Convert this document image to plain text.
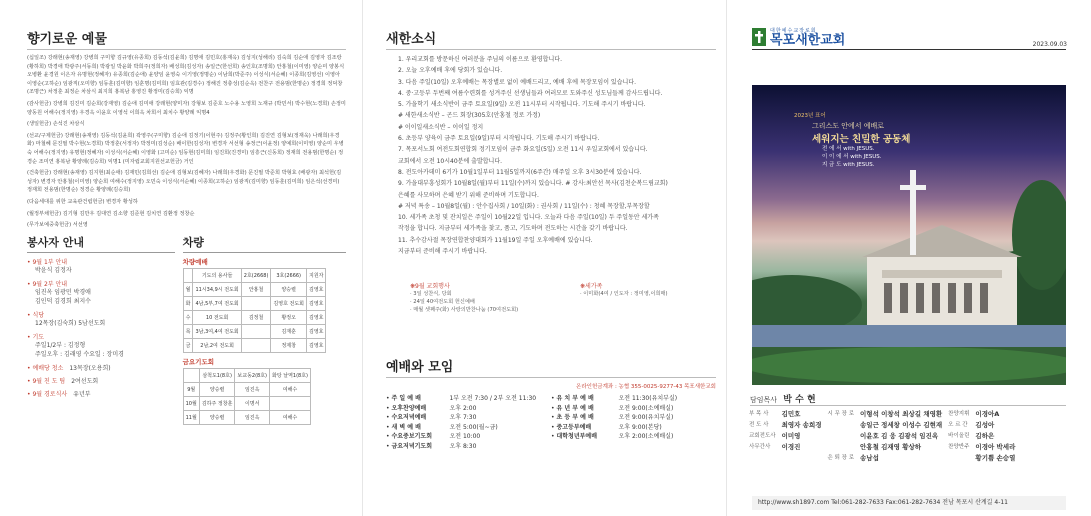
향기로운 예물

(십일조) 강래현(송재영) 강병희 구미향 김규영(유종희) 김동석(김윤희) 김명애 김민호(홍재옥) 김성지(성해리) 김숙희 김순애 김영자 김조랑(황하희) 박경애 박광주(서동희) 박광일 박윤화 박희주(정희자) 배성희(김성자) 송일근(한선희) 송인호(조명희) 안홍철(이미영) 양순미 양봉식 오병환 윤경원 이은자 유명현(정혜자) 유종희(김순애) 윤양임 윤영숙 이기영(정명순) 이남희(박준주) 이성식(서순혜) 이종희(김영선) 이영아 이영순(고하순) 임광직(오미향) 임동훈(김미향) 임훈명(김미희) 임효관(김경수) 정해진 정충성(김순옥) 전찬구 전용범(한명순) 정경희 정덕창(조명근) 차정훈 최정순 차삼식 최지희 홍복남 홍영진 황정미(김승희) 익명

(감사헌금) 강병희 김진미 김순희(강재영) 김순애 김미애 강래현(양미자) 강형보 김준호 노수용 노영희 노재규 (박민서) 박수현(노경희) 손정미 양동원 어해수(정지영) 우경옥 이윤호 이영석 이희옥 차희서 최치수 황양례 익명4

(생일헌금) 손석진 차삼식

(선교/구제헌금) 강래현(송재영) 김동석(김윤희) 곽영주(구미향) 김순애 김정기(이현주) 김정주(황인희) 김진연 김형보(정재욱) 나래희(우경화) 마철혜 문진필 박수현(노경희) 박정훈(서정자) 박정미(김성순) 배이한(김성자) 변경자 서선형 송정근(이윤정) 양예희(이미영) 양순미 우병숙 어해수(정지영) 유명현(정혜자) 이성식(서순혜) 이영화 (고미순) 임동현(김미희) 임진희(진경미) 임흥근(신동희) 정재희 전용범(한명순) 정경순 조미연 홍복남 황양례(김승희) 익명1 (미자립교회지원선교헌금) 거인

(건축헌금) 강래현(송재영) 김지현(최순애) 김재민(김희선) 김순애 김형보(김혜자) 나래희(우경화) 문진필 박준희 박형효 (배광자) 최석헌(김성자) 변경자 안홍철(이미영) 양순희 여해수(정지영) 오민숙 이성식(서순혜) 이종희(고하순) 임광직(김미향) 임동훈(김미희) 임은석(선경미) 정재희 전용범(한명순) 정경순 황양례(김승희)

(다음세대를 위한 교육관건립헌금) 변경자 황성하

(월정부채헌금) 김기형 김만우 김대연 김소향 김준현 김치연 김환정 정창순

(무가보예중축헌금) 서선영

봉사자 안내
• 9월 1부 안내
박윤식 김정자
• 9월 2부 안내
임진옥 임광민 박경애
김인덕 김경희 최지수
• 식당
12목장(김숙희) 5남선도회
• 기도
주일1/2부 : 김정형
주일오후 : 김래영 수요일 : 장미경
• 예배당 청소 13목장(오용희)
• 9월 친 도 팀 2여선도회
• 9월 경로식사 유년부
차량
차량예배
	기도의 용사들	2호(2668)	3호(2666)	지원자
월	11시34,9시 전도회	안홍철	양승렬	김영호
화	4남,5부,7여 전도회		김영호 전도회	김영호
수	10 전도회	김정철	황정오	김영호
목	3남,3여,4여 전도회		김재훈	김영호
금	2남,2여 전도회		정제창	김영호
금요기도회
	삼척도1(8호)	보교동2(8호)	화탕 날역1(8호)
9월	양승렬	임진옥	여해수
10월	김하주 정창훈	이명서	
11월	양승렬	임진옥	여해수
새한소식
1. 우리교회를 방문하신 여러분을 주님의 이름으로 환영합니다.
2. 오늘 오후예배 후에 당회가 있습니다.
3. 다음 주일(10일) 오후예배는 목장별로 없이 예배드리고, 예배 후에 목장모임이 있습니다.
4. 중·고등부 두번째 여름수련회를 성겨주신 선생님들과 여러모로 도와주신 성도님들께 감사드립니다.
5. 가을학기 새소식반이 금주 토요일(9일) 오전 11시부터 시작됩니다. 기도해 주시기 바랍니다.
# 새한새소식반 – 곤드 회장(305호(안홍철 정로 가정)
# 이이일새소식반 – 이이일 정지
6. 초등부 양육이 금주 토요일(9일)부터 시작됩니다. 기도해 주시기 바랍니다.
7. 목포서노회 여전도회연합회 정기모임이 금주 화요일(5일) 오전 11시 우일교회에서 있습니다.
교회에서 오전 10시40분에 출발합니다.
8. 전도아카데미 6기가 10월1일부터 11월5일까지(6주간) 매주일 오후 3시30분에 있습니다.
9. 가을대부흥성회가 10월8일(월)부터 11일(수)까지 있습니다. # 강사:최안선 목사(김천순복드림교회)
은혜를 사모하며 은혜 받기 위해 준비하며 기도합니다.
# 저녁 특송 – 10월8일(월) : 안수집사회 / 10일(화) : 권사회 / 11일(수) : 청혜 목장할,부목장할
10. 세가족 초청 및 잔치일은 주일이 10월22일 입니다. 오늘과 다음 주일(10일) 두 주일동안 세가족
작정을 합니다. 지금부터 세가족을 찾고, 품고, 기도하며 전도하는 시간을 갖기 바랍니다.
11. 추수감사절 목장연합찬양대회가 11월19일 주일 오후예배에 있습니다.
지금부터 준비해 주시기 바랍니다.
❋9월 교회행사
· 3일 성찬식, 당회
· 24일 40여전도회 헌신예배
· 매월 셋째주(화) 사랑의반찬나눔 (70여전도회)
❋세가족
· 이미화(4여 / 인도자 : 정미영,이희매)
예배와 모임
온라인헌금계좌 : 농협 355-0025-9277-43 목포새한교회
• 주 일 예 배	1부 오전 7:30 / 2부 오전 11:30
• 오후찬양예배	오후 2:00
• 수요저녁예배	오후 7:30
• 새 벽 예 배	오전 5:00(월~금)
• 수요중보기도회	오전 10:00
• 금요저녁기도회	오후 8:30
• 유 치 부 예 배	오전 11:30(유치부실)
• 유 년 부 예 배	오전 9:00(소예배실)
• 초 등 부 예 배	오전 9:00(유치부실)
• 중고등부예배	오후 9:00(본당)
• 대학청년부예배	오후 2:00(소예배실)
대한예수교장로회
목포새한교회	2023.09.03
2023년 표어
그리스도 안에서 예배로
세워지는 친밀한 공동체
전 에 서 with JESUS.
이 이 에 서 with JESUS.
지 금 도 with JESUS.
담임목사 박 수 현
부 목 사	김민호	시 무 장 로	이형석 이창석 최상길 채영환	찬양지휘	이경아A
전 도 사	최영자 송희경		송일근 정세창 이성수 김현재	오 르 간	김성아
교회전도사	이미영		이윤호 김 웅 김광석 임진옥	바이올린	김하은
사무간사	이경진		안홍철 김재영 황상하	찬양반주	이경아 박세라
		은 퇴 장 로	송남섭		황기쁨 손승열
http://www.sh1897.com Tel:061-282-7633 Fax:061-282-7634 전남 목포시 산계길 4-11
